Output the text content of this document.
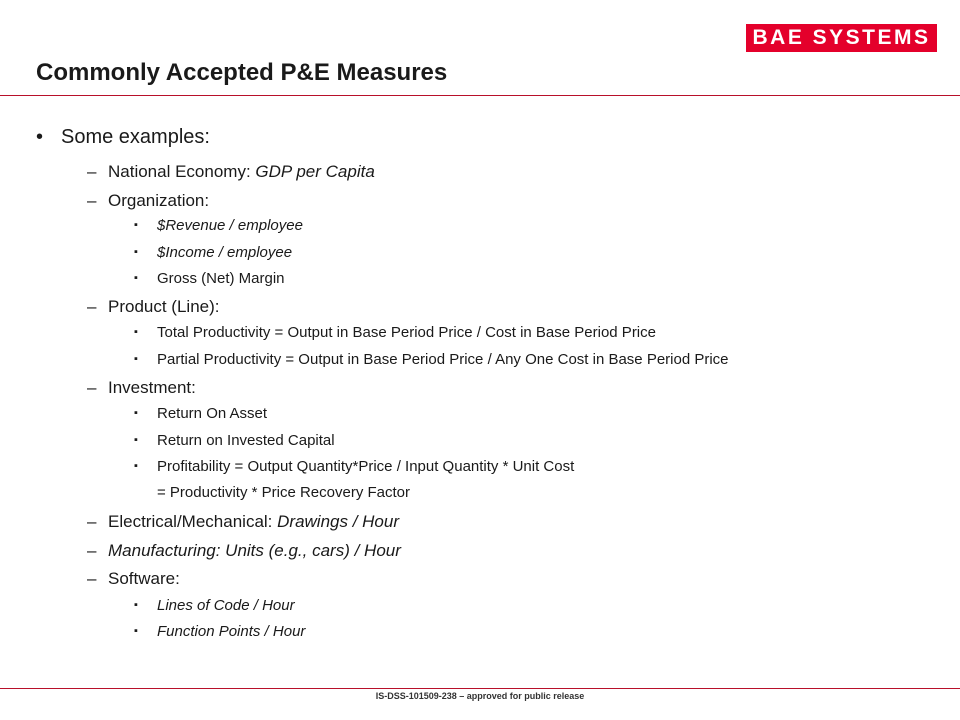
BAE SYSTEMS
Commonly Accepted P&E Measures
• Some examples:
– National Economy: GDP per Capita
– Organization:
▪ $Revenue / employee
▪ $Income / employee
▪ Gross (Net) Margin
– Product (Line):
▪ Total Productivity = Output in Base Period Price / Cost in Base Period Price
▪ Partial Productivity = Output in Base Period Price / Any One Cost in Base Period Price
– Investment:
▪ Return On Asset
▪ Return on Invested Capital
▪ Profitability = Output Quantity*Price / Input Quantity * Unit Cost
= Productivity * Price Recovery Factor
– Electrical/Mechanical: Drawings / Hour
– Manufacturing: Units (e.g., cars) / Hour
– Software:
▪ Lines of Code / Hour
▪ Function Points / Hour
IS-DSS-101509-238 – approved for public release
